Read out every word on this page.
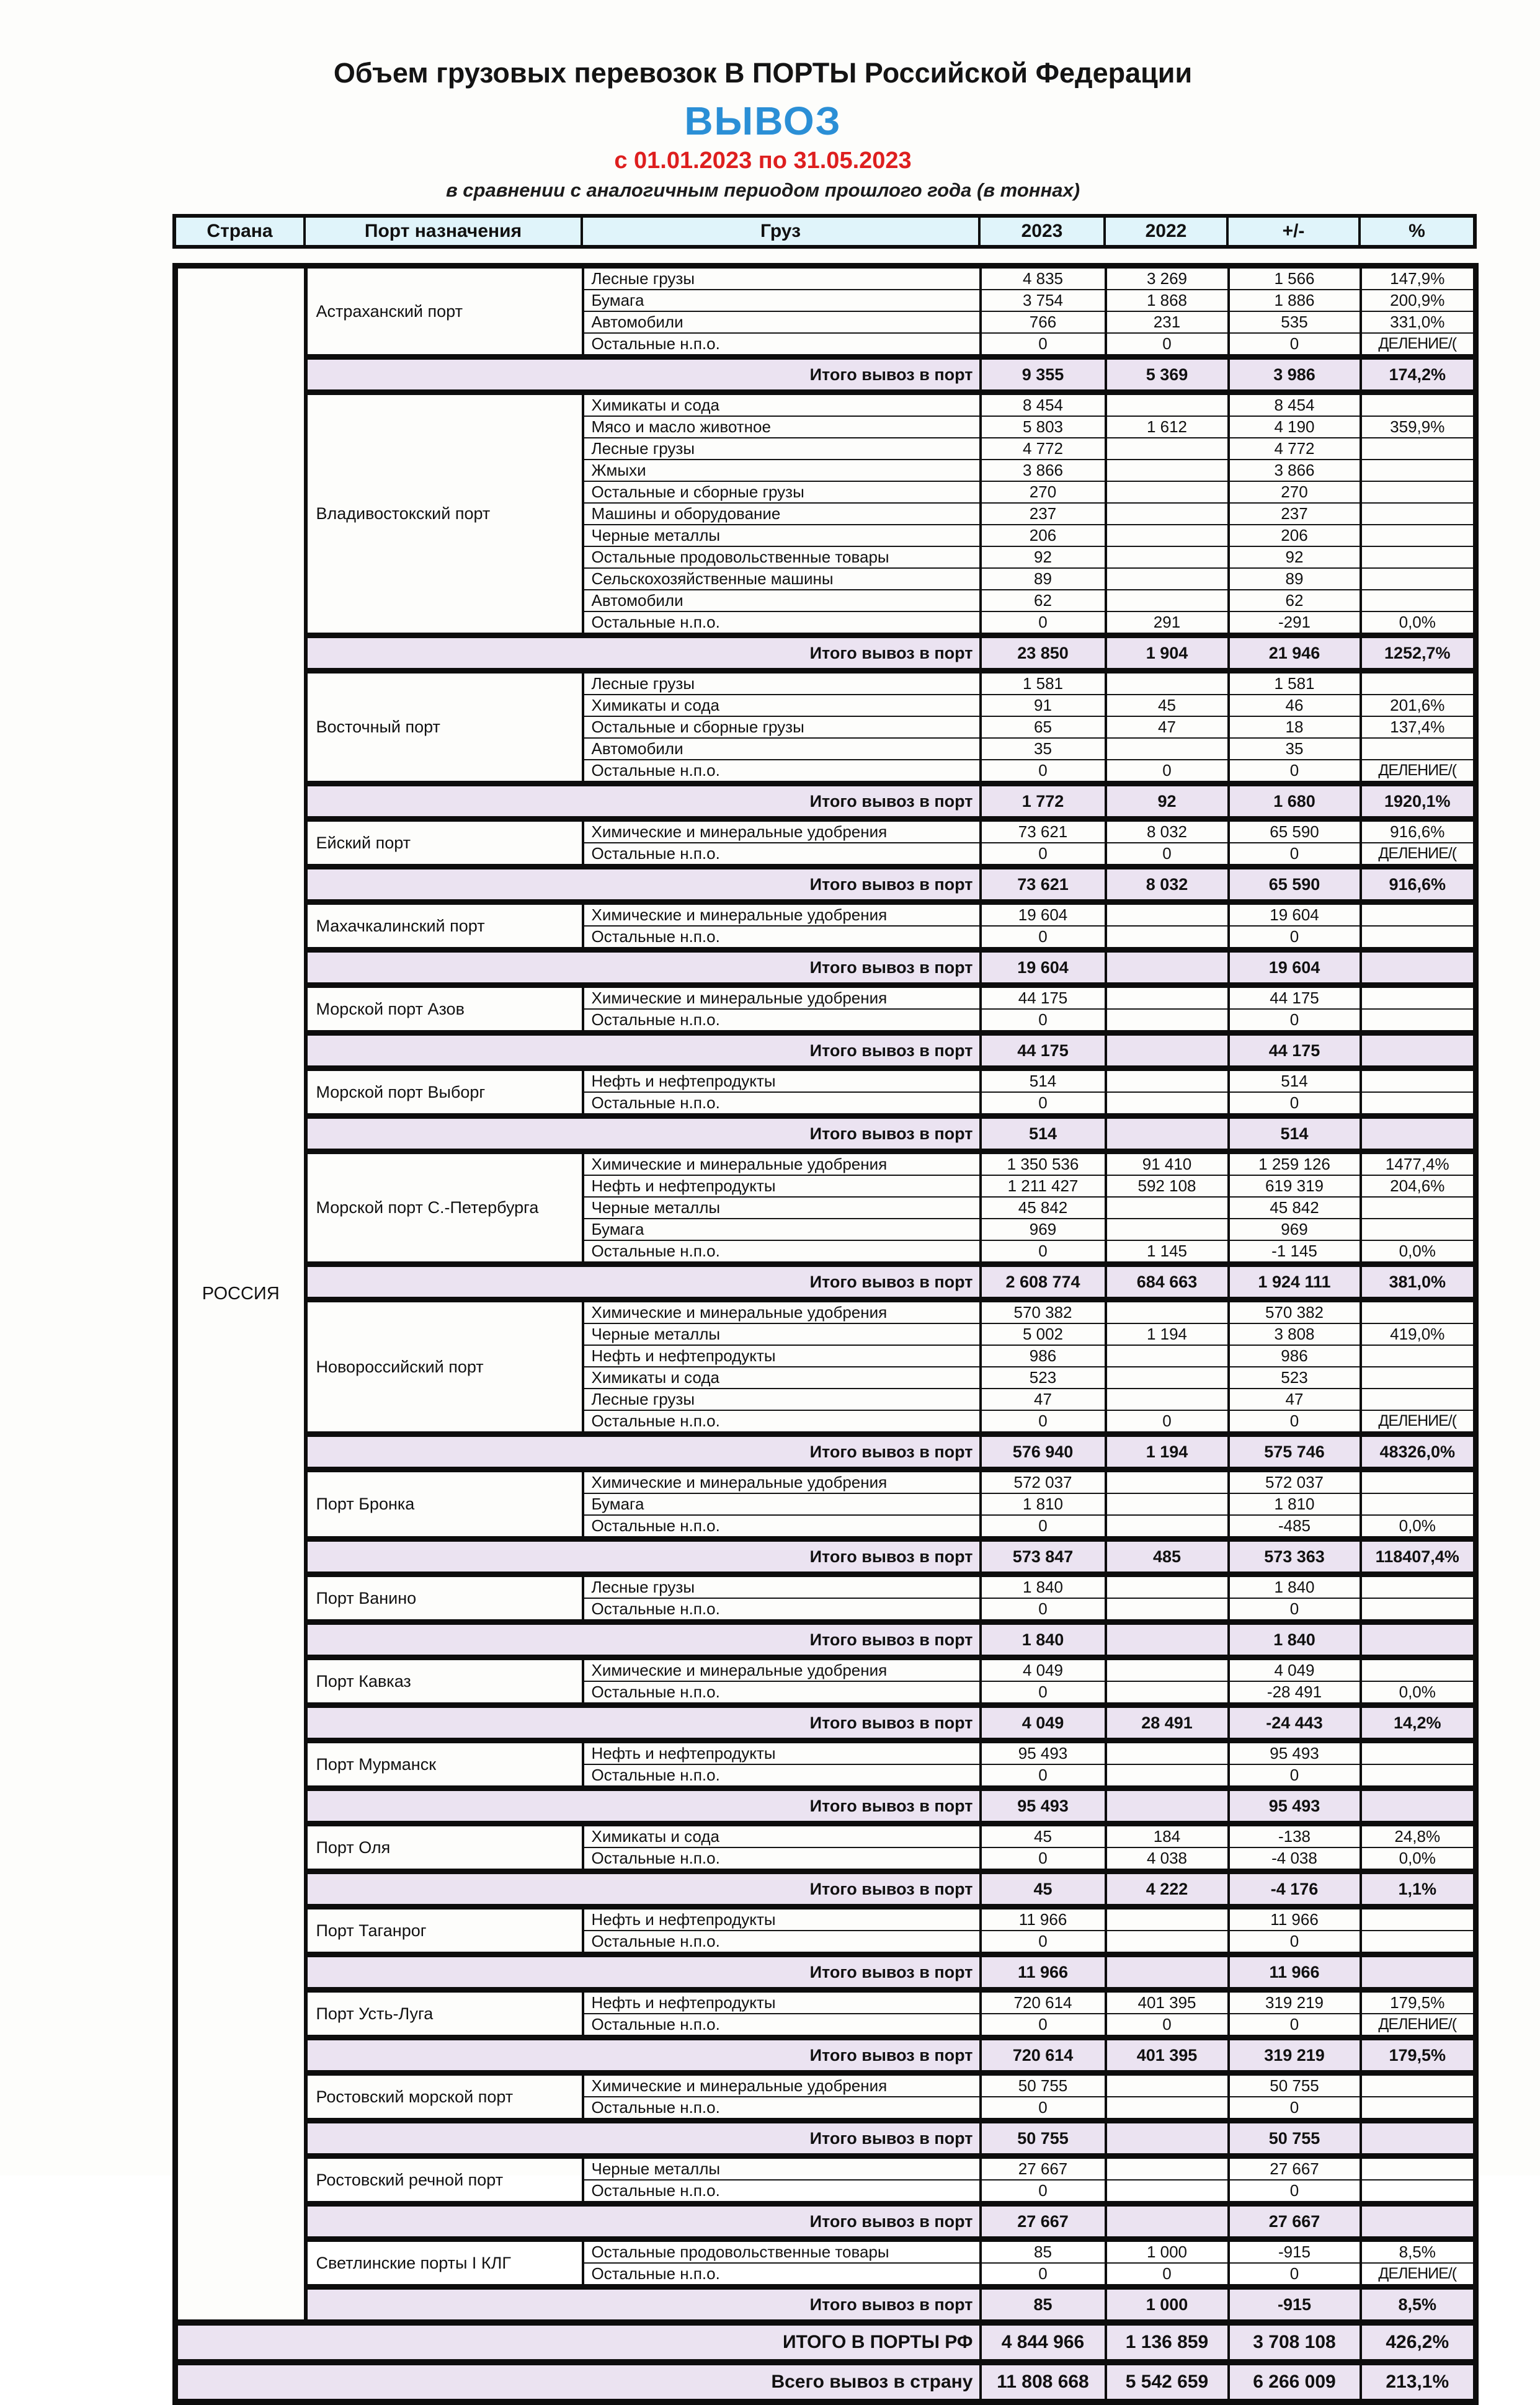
Объем грузовых перевозок В ПОРТЫ Российской Федерации
ВЫВОЗ
с 01.01.2023 по 31.05.2023
в сравнении с аналогичным периодом прошлого года (в тоннах)
Страна	Порт назначения	Груз	2023	2022	+/-	%
РОССИЯ	Астраханский порт	Лесные грузы	4 835	3 269	1 566	147,9%
		Бумага	3 754	1 868	1 886	200,9%
		Автомобили	766	231	535	331,0%
		Остальные н.п.о.	0	0	0	ДЕЛЕНИЕ/(
	Итого вывоз в порт		9 355	5 369	3 986	174,2%
	Владивостокский порт	Химикаты и сода	8 454		8 454	
		Мясо и масло животное	5 803	1 612	4 190	359,9%
		Лесные грузы	4 772		4 772	
		Жмыхи	3 866		3 866	
		Остальные и сборные грузы	270		270	
		Машины и оборудование	237		237	
		Черные металлы	206		206	
		Остальные продовольственные товары	92		92	
		Сельскохозяйственные машины	89		89	
		Автомобили	62		62	
		Остальные н.п.о.	0	291	-291	0,0%
	Итого вывоз в порт		23 850	1 904	21 946	1252,7%
	Восточный порт	Лесные грузы	1 581		1 581	
		Химикаты и сода	91	45	46	201,6%
		Остальные и сборные грузы	65	47	18	137,4%
		Автомобили	35		35	
		Остальные н.п.о.	0	0	0	ДЕЛЕНИЕ/(
	Итого вывоз в порт		1 772	92	1 680	1920,1%
	Ейский порт	Химические и минеральные удобрения	73 621	8 032	65 590	916,6%
		Остальные н.п.о.	0	0	0	ДЕЛЕНИЕ/(
	Итого вывоз в порт		73 621	8 032	65 590	916,6%
	Махачкалинский порт	Химические и минеральные удобрения	19 604		19 604	
		Остальные н.п.о.	0		0	
	Итого вывоз в порт		19 604		19 604	
	Морской порт Азов	Химические и минеральные удобрения	44 175		44 175	
		Остальные н.п.о.	0		0	
	Итого вывоз в порт		44 175		44 175	
	Морской порт Выборг	Нефть и нефтепродукты	514		514	
		Остальные н.п.о.	0		0	
	Итого вывоз в порт		514		514	
	Морской порт С.-Петербурга	Химические и минеральные удобрения	1 350 536	91 410	1 259 126	1477,4%
		Нефть и нефтепродукты	1 211 427	592 108	619 319	204,6%
		Черные металлы	45 842		45 842	
		Бумага	969		969	
		Остальные н.п.о.	0	1 145	-1 145	0,0%
	Итого вывоз в порт		2 608 774	684 663	1 924 111	381,0%
	Новороссийский порт	Химические и минеральные удобрения	570 382		570 382	
		Черные металлы	5 002	1 194	3 808	419,0%
		Нефть и нефтепродукты	986		986	
		Химикаты и сода	523		523	
		Лесные грузы	47		47	
		Остальные н.п.о.	0	0	0	ДЕЛЕНИЕ/(
	Итого вывоз в порт		576 940	1 194	575 746	48326,0%
	Порт Бронка	Химические и минеральные удобрения	572 037		572 037	
		Бумага	1 810		1 810	
		Остальные н.п.о.	0		-485	0,0%
	Итого вывоз в порт		573 847	485	573 363	118407,4%
	Порт Ванино	Лесные грузы	1 840		1 840	
		Остальные н.п.о.	0		0	
	Итого вывоз в порт		1 840		1 840	
	Порт Кавказ	Химические и минеральные удобрения	4 049		4 049	
		Остальные н.п.о.	0		-28 491	0,0%
	Итого вывоз в порт		4 049	28 491	-24 443	14,2%
	Порт Мурманск	Нефть и нефтепродукты	95 493		95 493	
		Остальные н.п.о.	0		0	
	Итого вывоз в порт		95 493		95 493	
	Порт Оля	Химикаты и сода	45	184	-138	24,8%
		Остальные н.п.о.	0	4 038	-4 038	0,0%
	Итого вывоз в порт		45	4 222	-4 176	1,1%
	Порт Таганрог	Нефть и нефтепродукты	11 966		11 966	
		Остальные н.п.о.	0		0	
	Итого вывоз в порт		11 966		11 966	
	Порт Усть-Луга	Нефть и нефтепродукты	720 614	401 395	319 219	179,5%
		Остальные н.п.о.	0	0	0	ДЕЛЕНИЕ/(
	Итого вывоз в порт		720 614	401 395	319 219	179,5%
	Ростовский морской порт	Химические и минеральные удобрения	50 755		50 755	
		Остальные н.п.о.	0		0	
	Итого вывоз в порт		50 755		50 755	
	Ростовский речной порт	Черные металлы	27 667		27 667	
		Остальные н.п.о.	0		0	
	Итого вывоз в порт		27 667		27 667	
	Светлинские порты I КЛГ	Остальные продовольственные товары	85	1 000	-915	8,5%
		Остальные н.п.о.	0	0	0	ДЕЛЕНИЕ/(
	Итого вывоз в порт		85	1 000	-915	8,5%
ИТОГО В ПОРТЫ РФ			4 844 966	1 136 859	3 708 108	426,2%
Всего вывоз в страну			11 808 668	5 542 659	6 266 009	213,1%
